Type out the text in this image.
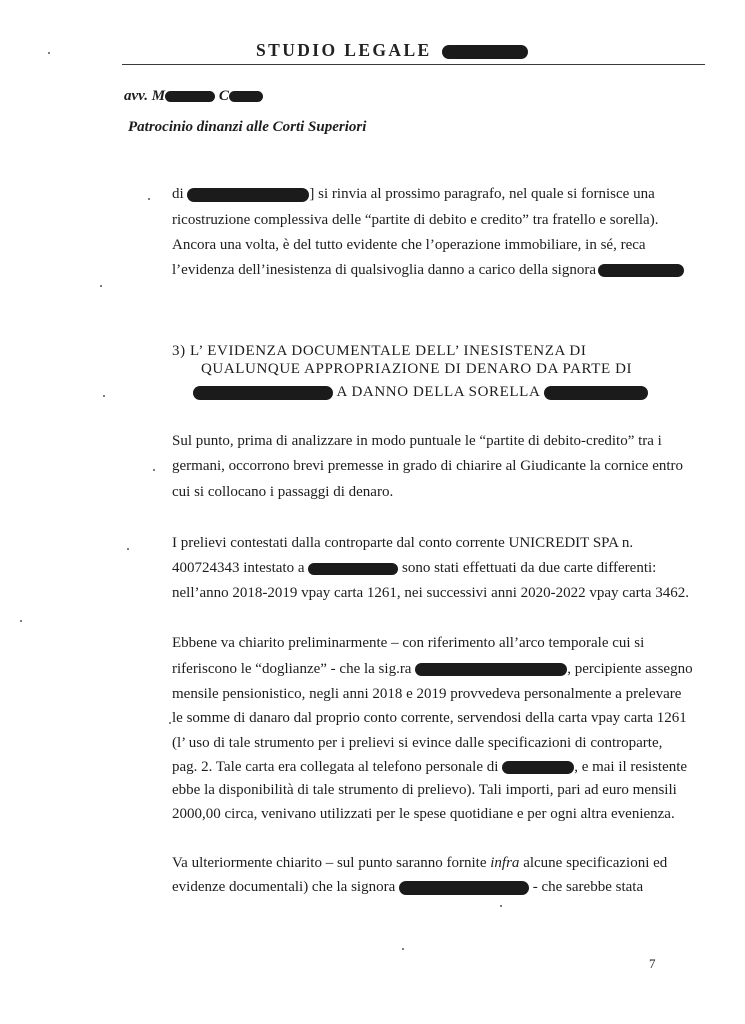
STUDIO LEGALE
avv. M	C
Patrocinio dinanzi alle Corti Superiori
di	] si rinvia al prossimo paragrafo, nel quale si fornisce una
ricostruzione complessiva delle “partite di debito e credito” tra fratello e sorella).
Ancora una volta, è del tutto evidente che l’operazione immobiliare, in sé, reca
l’evidenza dell’inesistenza di qualsivoglia danno a carico della signora
3) L’ EVIDENZA DOCUMENTALE DELL’ INESISTENZA DI
QUALUNQUE APPROPRIAZIONE DI DENARO DA PARTE DI
A DANNO DELLA SORELLA
Sul punto, prima di analizzare in modo puntuale le “partite di debito-credito” tra i
germani, occorrono brevi premesse in grado di chiarire al Giudicante la cornice entro
cui si collocano i passaggi di denaro.
I prelievi contestati dalla controparte dal conto corrente UNICREDIT SPA n.
400724343 intestato a	sono stati effettuati da due carte differenti:
nell’anno 2018-2019 vpay carta 1261, nei successivi anni 2020-2022 vpay carta 3462.
Ebbene va chiarito preliminarmente – con riferimento all’arco temporale cui si
riferiscono le “doglianze” - che la sig.ra	, percipiente assegno
mensile pensionistico, negli anni 2018 e 2019 provvedeva personalmente a prelevare
le somme di danaro dal proprio conto corrente, servendosi della carta vpay carta 1261
(l’ uso di tale strumento per i prelievi si evince dalle specificazioni di controparte,
pag. 2. Tale carta era collegata al telefono personale di	, e mai il resistente
ebbe la disponibilità di tale strumento di prelievo). Tali importi, pari ad euro mensili
2000,00 circa, venivano utilizzati per le spese quotidiane e per ogni altra evenienza.
Va ulteriormente chiarito – sul punto saranno fornite infra alcune specificazioni ed
evidenze documentali) che la signora	- che sarebbe stata
7
